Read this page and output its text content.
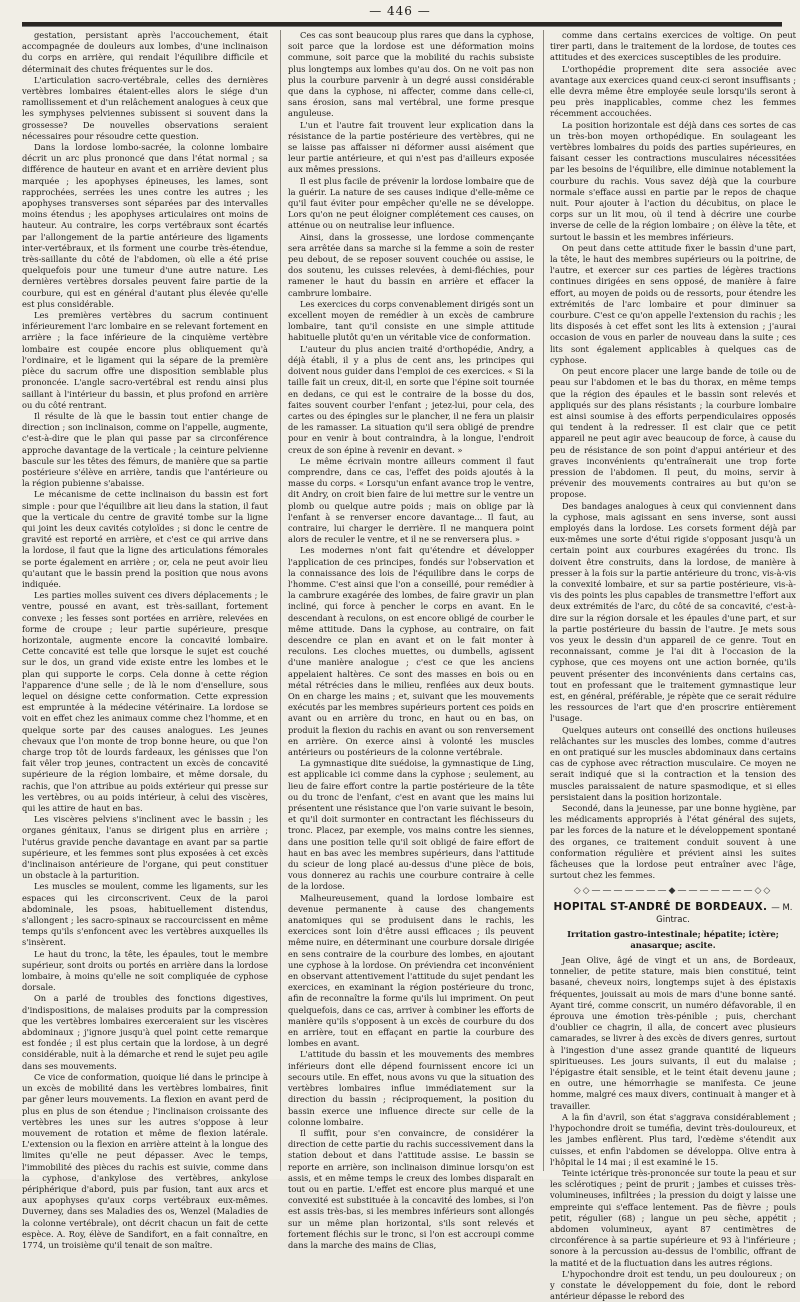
— 446 —

gestation, persistant après l'accouchement, était accompagnée de douleurs aux lombes, d'une inclinaison du corps en arrière, qui rendait l'équilibre difficile et déterminait des chutes fréquentes sur le dos.

L'articulation sacro-vertébrale, celles des dernières vertèbres lombaires étaient-elles alors le siége d'un ramollissement et d'un relâchement analogues à ceux que les symphyses pelviennes subissent si souvent dans la grossesse? De nouvelles observations seraient nécessaires pour résoudre cette question.

Dans la lordose lombo-sacrée, la colonne lombaire décrit un arc plus prononcé que dans l'état normal ; sa différence de hauteur en avant et en arrière devient plus marquée ; les apophyses épineuses, les lames, sont rapprochées, serrées les unes contre les autres ; les apophyses transverses sont séparées par des intervalles moins étendus ; les apophyses articulaires ont moins de hauteur. Au contraire, les corps vertébraux sont écartés par l'allongement de la partie antérieure des ligaments inter-vertébraux, et ils forment une courbe très-étendue, très-saillante du côté de l'abdomen, où elle a été prise quelquefois pour une tumeur d'une autre nature. Les dernières vertèbres dorsales peuvent faire partie de la courbure, qui est en général d'autant plus élevée qu'elle est plus considérable.

Les premières vertèbres du sacrum continuent inférieurement l'arc lombaire en se relevant fortement en arrière ; la face inférieure de la cinquième vertèbre lombaire est coupée encore plus obliquement qu'à l'ordinaire, et le ligament qui la sépare de la première pièce du sacrum offre une disposition semblable plus prononcée. L'angle sacro-vertébral est rendu ainsi plus saillant à l'intérieur du bassin, et plus profond en arrière ou du côté rentrant.

Il résulte de là que le bassin tout entier change de direction ; son inclinaison, comme on l'appelle, augmente, c'est-à-dire que le plan qui passe par sa circonférence approche davantage de la verticale ; la ceinture pelvienne bascule sur les têtes des fémurs, de manière que sa partie postérieure s'élève en arrière, tandis que l'antérieure ou la région pubienne s'abaisse.

Le mécanisme de cette inclinaison du bassin est fort simple : pour que l'équilibre ait lieu dans la station, il faut que la verticale du centre de gravité tombe sur la ligne qui joint les deux cavités cotyloïdes ; si donc le centre de gravité est reporté en arrière, et c'est ce qui arrive dans la lordose, il faut que la ligne des articulations fémorales se porte également en arrière ; or, cela ne peut avoir lieu qu'autant que le bassin prend la position que nous avons indiquée.

Les parties molles suivent ces divers déplacements ; le ventre, poussé en avant, est très-saillant, fortement convexe ; les fesses sont portées en arrière, relevées en forme de croupe ; leur partie supérieure, presque horizontale, augmente encore la concavité lombaire. Cette concavité est telle que lorsque le sujet est couché sur le dos, un grand vide existe entre les lombes et le plan qui supporte le corps. Cela donne à cette région l'apparence d'une selle ; de là le nom d'ensellure, sous lequel on désigne cette conformation. Cette expression est empruntée à la médecine vétérinaire. La lordose se voit en effet chez les animaux comme chez l'homme, et en quelque sorte par des causes analogues. Les jeunes chevaux que l'on monte de trop bonne heure, ou que l'on charge trop tôt de lourds fardeaux, les génisses que l'on fait vêler trop jeunes, contractent un excès de concavité supérieure de la région lombaire, et même dorsale, du rachis, que l'on attribue au poids extérieur qui presse sur les vertèbres, ou au poids intérieur, à celui des viscères, qui les attire de haut en bas.

Les viscères pelviens s'inclinent avec le bassin ; les organes génitaux, l'anus se dirigent plus en arrière ; l'utérus gravide penche davantage en avant par sa partie supérieure, et les femmes sont plus exposées à cet excès d'inclinaison antérieure de l'organe, qui peut constituer un obstacle à la parturition.

Les muscles se moulent, comme les ligaments, sur les espaces qui les circonscrivent. Ceux de la paroi abdominale, les psoas, habituellement distendus, s'allongent ; les sacro-spinaux se raccourcissent en même temps qu'ils s'enfoncent avec les vertèbres auxquelles ils s'insèrent.

Le haut du tronc, la tête, les épaules, tout le membre supérieur, sont droits ou portés en arrière dans la lordose lombaire, à moins qu'elle ne soit compliquée de cyphose dorsale.

On a parlé de troubles des fonctions digestives, d'indispositions, de malaises produits par la compression que les vertèbres lombaires exerceraient sur les viscères abdominaux ; j'ignore jusqu'à quel point cette remarque est fondée ; il est plus certain que la lordose, à un degré considérable, nuit à la démarche et rend le sujet peu agile dans ses mouvements.

Ce vice de conformation, quoique lié dans le principe à un excès de mobilité dans les vertèbres lombaires, finit par gêner leurs mouvements. La flexion en avant perd de plus en plus de son étendue ; l'inclinaison croissante des vertèbres les unes sur les autres s'oppose à leur mouvement de rotation et même de flexion latérale. L'extension ou la flexion en arrière atteint à la longue des limites qu'elle ne peut dépasser. Avec le temps, l'immobilité des pièces du rachis est suivie, comme dans la cyphose, d'ankylose des vertèbres, ankylose périphérique d'abord, puis par fusion, tant aux arcs et aux apophyses qu'aux corps vertébraux eux-mêmes. Duverney, dans ses Maladies des os, Wenzel (Maladies de la colonne vertébrale), ont décrit chacun un fait de cette espèce. A. Roy, élève de Sandifort, en a fait connaître, en 1774, un troisième qu'il tenait de son maître.

Ces cas sont beaucoup plus rares que dans la cyphose, soit parce que la lordose est une déformation moins commune, soit parce que la mobilité du rachis subsiste plus longtemps aux lombes qu'au dos. On ne voit pas non plus la courbure parvenir à un degré aussi considérable que dans la cyphose, ni affecter, comme dans celle-ci, sans érosion, sans mal vertébral, une forme presque anguleuse.

L'un et l'autre fait trouvent leur explication dans la résistance de la partie postérieure des vertèbres, qui ne se laisse pas affaisser ni déformer aussi aisément que leur partie antérieure, et qui n'est pas d'ailleurs exposée aux mêmes pressions.

Il est plus facile de prévenir la lordose lombaire que de la guérir. La nature de ses causes indique d'elle-même ce qu'il faut éviter pour empêcher qu'elle ne se développe. Lors qu'on ne peut éloigner complétement ces causes, on atténue ou on neutralise leur influence.

Ainsi, dans la grossesse, une lordose commençante sera arrêtée dans sa marche si la femme a soin de rester peu debout, de se reposer souvent couchée ou assise, le dos soutenu, les cuisses relevées, à demi-fléchies, pour ramener le haut du bassin en arrière et effacer la cambrure lombaire.

Les exercices du corps convenablement dirigés sont un excellent moyen de remédier à un excès de cambrure lombaire, tant qu'il consiste en une simple attitude habituelle plutôt qu'en un véritable vice de conformation.

L'auteur du plus ancien traité d'orthopédie, Andry, a déjà établi, il y a plus de cent ans, les principes qui doivent nous guider dans l'emploi de ces exercices. « Si la taille fait un creux, dit-il, en sorte que l'épine soit tournée en dedans, ce qui est le contraire de la bosse du dos, faites souvent courber l'enfant ; jetez-lui, pour cela, des cartes ou des épingles sur le plancher, il ne fera un plaisir de les ramasser. La situation qu'il sera obligé de prendre pour en venir à bout contraindra, à la longue, l'endroit creux de son épine à revenir en devant. »

Le même écrivain montre ailleurs comment il faut comprendre, dans ce cas, l'effet des poids ajoutés à la masse du corps. « Lorsqu'un enfant avance trop le ventre, dit Andry, on croit bien faire de lui mettre sur le ventre un plomb ou quelque autre poids ; mais on oblige par là l'enfant à se renverser encore davantage... Il faut, au contraire, lui charger le derrière. Il ne manquera point alors de reculer le ventre, et il ne se renversera plus. »

Les modernes n'ont fait qu'étendre et développer l'application de ces principes, fondés sur l'observation et la connaissance des lois de l'équilibre dans le corps de l'homme. C'est ainsi que l'on a conseillé, pour remédier à la cambrure exagérée des lombes, de faire gravir un plan incliné, qui force à pencher le corps en avant. En le descendant à reculons, on est encore obligé de courber le même attitude. Dans la cyphose, au contraire, on fait descendre ce plan en avant et on le fait monter à reculons. Les cloches muettes, ou dumbells, agissent d'une manière analogue ; c'est ce que les anciens appelaient haltères. Ce sont des masses en bois ou en métal rétrécies dans le milieu, renflées aux deux bouts. On en charge les mains ; et, suivant que les mouvements exécutés par les membres supérieurs portent ces poids en avant ou en arrière du tronc, en haut ou en bas, on produit la flexion du rachis en avant ou son renversement en arrière. On exerce ainsi à volonté les muscles antérieurs ou postérieurs de la colonne vertébrale.

La gymnastique dite suédoise, la gymnastique de Ling, est applicable ici comme dans la cyphose ; seulement, au lieu de faire effort contre la partie postérieure de la tête ou du tronc de l'enfant, c'est en avant que les mains lui présentent une résistance que l'on varie suivant le besoin, et qu'il doit surmonter en contractant les fléchisseurs du tronc. Placez, par exemple, vos mains contre les siennes, dans une position telle qu'il soit obligé de faire effort de haut en bas avec les membres supérieurs, dans l'attitude du scieur de long placé au-dessus d'une pièce de bois, vous donnerez au rachis une courbure contraire à celle de la lordose.

Malheureusement, quand la lordose lombaire est devenue permanente à cause des changements anatomiques qui se produisent dans le rachis, les exercices sont loin d'être aussi efficaces ; ils peuvent même nuire, en déterminant une courbure dorsale dirigée en sens contraire de la courbure des lombes, en ajoutant une cyphose à la lordose. On préviendra cet inconvénient en observant attentivement l'attitude du sujet pendant les exercices, en examinant la région postérieure du tronc, afin de reconnaître la forme qu'ils lui impriment. On peut quelquefois, dans ce cas, arriver à combiner les efforts de manière qu'ils s'opposent à un excès de courbure du dos en arrière, tout en effaçant en partie la courbure des lombes en avant.

L'attitude du bassin et les mouvements des membres inférieurs dont elle dépend fournissent encore ici un secours utile. En effet, nous avons vu que la situation des vertèbres lombaires influe immédiatement sur la direction du bassin ; réciproquement, la position du bassin exerce une influence directe sur celle de la colonne lombaire.

Il suffit, pour s'en convaincre, de considérer la direction de cette partie du rachis successivement dans la station debout et dans l'attitude assise. Le bassin se reporte en arrière, son inclinaison diminue lorsqu'on est assis, et en même temps le creux des lombes disparaît en tout ou en partie. L'effet est encore plus marqué et une convexité est substituée à la concavité des lombes, si l'on est assis très-bas, si les membres inférieurs sont allongés sur un même plan horizontal, s'ils sont relevés et fortement fléchis sur le tronc, si l'on est accroupi comme dans la marche des mains de Clias,

comme dans certains exercices de voltige. On peut tirer parti, dans le traitement de la lordose, de toutes ces attitudes et des exercices susceptibles de les produire.

L'orthopédie proprement dite sera associée avec avantage aux exercices quand ceux-ci seront insuffisants ; elle devra même être employée seule lorsqu'ils seront à peu près inapplicables, comme chez les femmes récemment accouchées.

La position horizontale est déjà dans ces sortes de cas un très-bon moyen orthopédique. En soulageant les vertèbres lombaires du poids des parties supérieures, en faisant cesser les contractions musculaires nécessitées par les besoins de l'équilibre, elle diminue notablement la courbure du rachis. Vous savez déjà que la courbure normale s'efface aussi en partie par le repos de chaque nuit. Pour ajouter à l'action du décubitus, on place le corps sur un lit mou, où il tend à décrire une courbe inverse de celle de la région lombaire ; on élève la tête, et surtout le bassin et les membres inférieurs.

On peut dans cette attitude fixer le bassin d'une part, la tête, le haut des membres supérieurs ou la poitrine, de l'autre, et exercer sur ces parties de légères tractions continues dirigées en sens opposé, de manière à faire effort, au moyen de poids ou de ressorts, pour étendre les extrémités de l'arc lombaire et pour diminuer sa courbure. C'est ce qu'on appelle l'extension du rachis ; les lits disposés à cet effet sont les lits à extension ; j'aurai occasion de vous en parler de nouveau dans la suite ; ces lits sont également applicables à quelques cas de cyphose.

On peut encore placer une large bande de toile ou de peau sur l'abdomen et le bas du thorax, en même temps que la région des épaules et le bassin sont relevés et appliqués sur des plans résistants ; la courbure lombaire est ainsi soumise à des efforts perpendiculaires opposés qui tendent à la redresser. Il est clair que ce petit appareil ne peut agir avec beaucoup de force, à cause du peu de résistance de son point d'appui antérieur et des graves inconvénients qu'entraînerait une trop forte pression de l'abdomen. Il peut, du moins, servir à prévenir des mouvements contraires au but qu'on se propose.

Des bandages analogues à ceux qui conviennent dans la cyphose, mais agissant en sens inverse, sont aussi employés dans la lordose. Les corsets forment déjà par eux-mêmes une sorte d'étui rigide s'opposant jusqu'à un certain point aux courbures exagérées du tronc. Ils doivent être construits, dans la lordose, de manière à presser à la fois sur la partie antérieure du tronc, vis-à-vis la convexité lombaire, et sur sa partie postérieure, vis-à-vis des points les plus capables de transmettre l'effort aux deux extrémités de l'arc, du côté de sa concavité, c'est-à-dire sur la région dorsale et les épaules d'une part, et sur la partie postérieure du bassin de l'autre. Je mets sous vos yeux le dessin d'un appareil de ce genre. Tout en reconnaissant, comme je l'ai dit à l'occasion de la cyphose, que ces moyens ont une action bornée, qu'ils peuvent présenter des inconvénients dans certains cas, tout en professant que le traitement gymnastique leur est, en général, préférable, je répète que ce serait réduire les ressources de l'art que d'en proscrire entièrement l'usage.

Quelques auteurs ont conseillé des onctions huileuses relâchantes sur les muscles des lombes, comme d'autres en ont pratiqué sur les muscles abdominaux dans certains cas de cyphose avec rétraction musculaire. Ce moyen ne serait indiqué que si la contraction et la tension des muscles paraissaient de nature spasmodique, et si elles persistaient dans la position horizontale.

Secondé, dans la jeunesse, par une bonne hygiène, par les médicaments appropriés à l'état général des sujets, par les forces de la nature et le développement spontané des organes, ce traitement conduit souvent à une conformation régulière et prévient ainsi les suites fâcheuses que la lordose peut entraîner avec l'âge, surtout chez les femmes.

◇◇———————◆———————◇◇
HOPITAL ST-ANDRÉ DE BORDEAUX. — M. Gintrac.
Irritation gastro-intestinale; hépatite; ictère; anasarque; ascite.

Jean Olive, âgé de vingt et un ans, de Bordeaux, tonnelier, de petite stature, mais bien constitué, teint basané, cheveux noirs, longtemps sujet à des épistaxis fréquentes, jouissait au mois de mars d'une bonne santé. Ayant tiré, comme conscrit, un numéro défavorable, il en éprouva une émotion très-pénible ; puis, cherchant d'oublier ce chagrin, il alla, de concert avec plusieurs camarades, se livrer à des excès de divers genres, surtout à l'ingestion d'une assez grande quantité de liqueurs spiritueuses. Les jours suivants, il eut du malaise ; l'épigastre était sensible, et le teint était devenu jaune ; en outre, une hémorrhagie se manifesta. Ce jeune homme, malgré ces maux divers, continuait à manger et à travailler.

A la fin d'avril, son état s'aggrava considérablement ; l'hypochondre droit se tuméfia, devint très-douloureux, et les jambes enflèrent. Plus tard, l'œdème s'étendit aux cuisses, et enfin l'abdomen se développa. Olive entra à l'hôpital le 14 mai ; il est examiné le 15.

Teinte ictérique très-prononcée sur toute la peau et sur les sclérotiques ; peint de prurit ; jambes et cuisses très-volumineuses, infiltrées ; la pression du doigt y laisse une empreinte qui s'efface lentement. Pas de fièvre ; pouls petit, régulier (68) ; langue un peu sèche, appétit ; abdomen volumineux, ayant 87 centimètres de circonférence à sa partie supérieure et 93 à l'inférieure ; sonore à la percussion au-dessus de l'ombilic, offrant de la matité et de la fluctuation dans les autres régions.

L'hypochondre droit est tendu, un peu douloureux ; on y constate le développement du foie, dont le rebord antérieur dépasse le rebord des
